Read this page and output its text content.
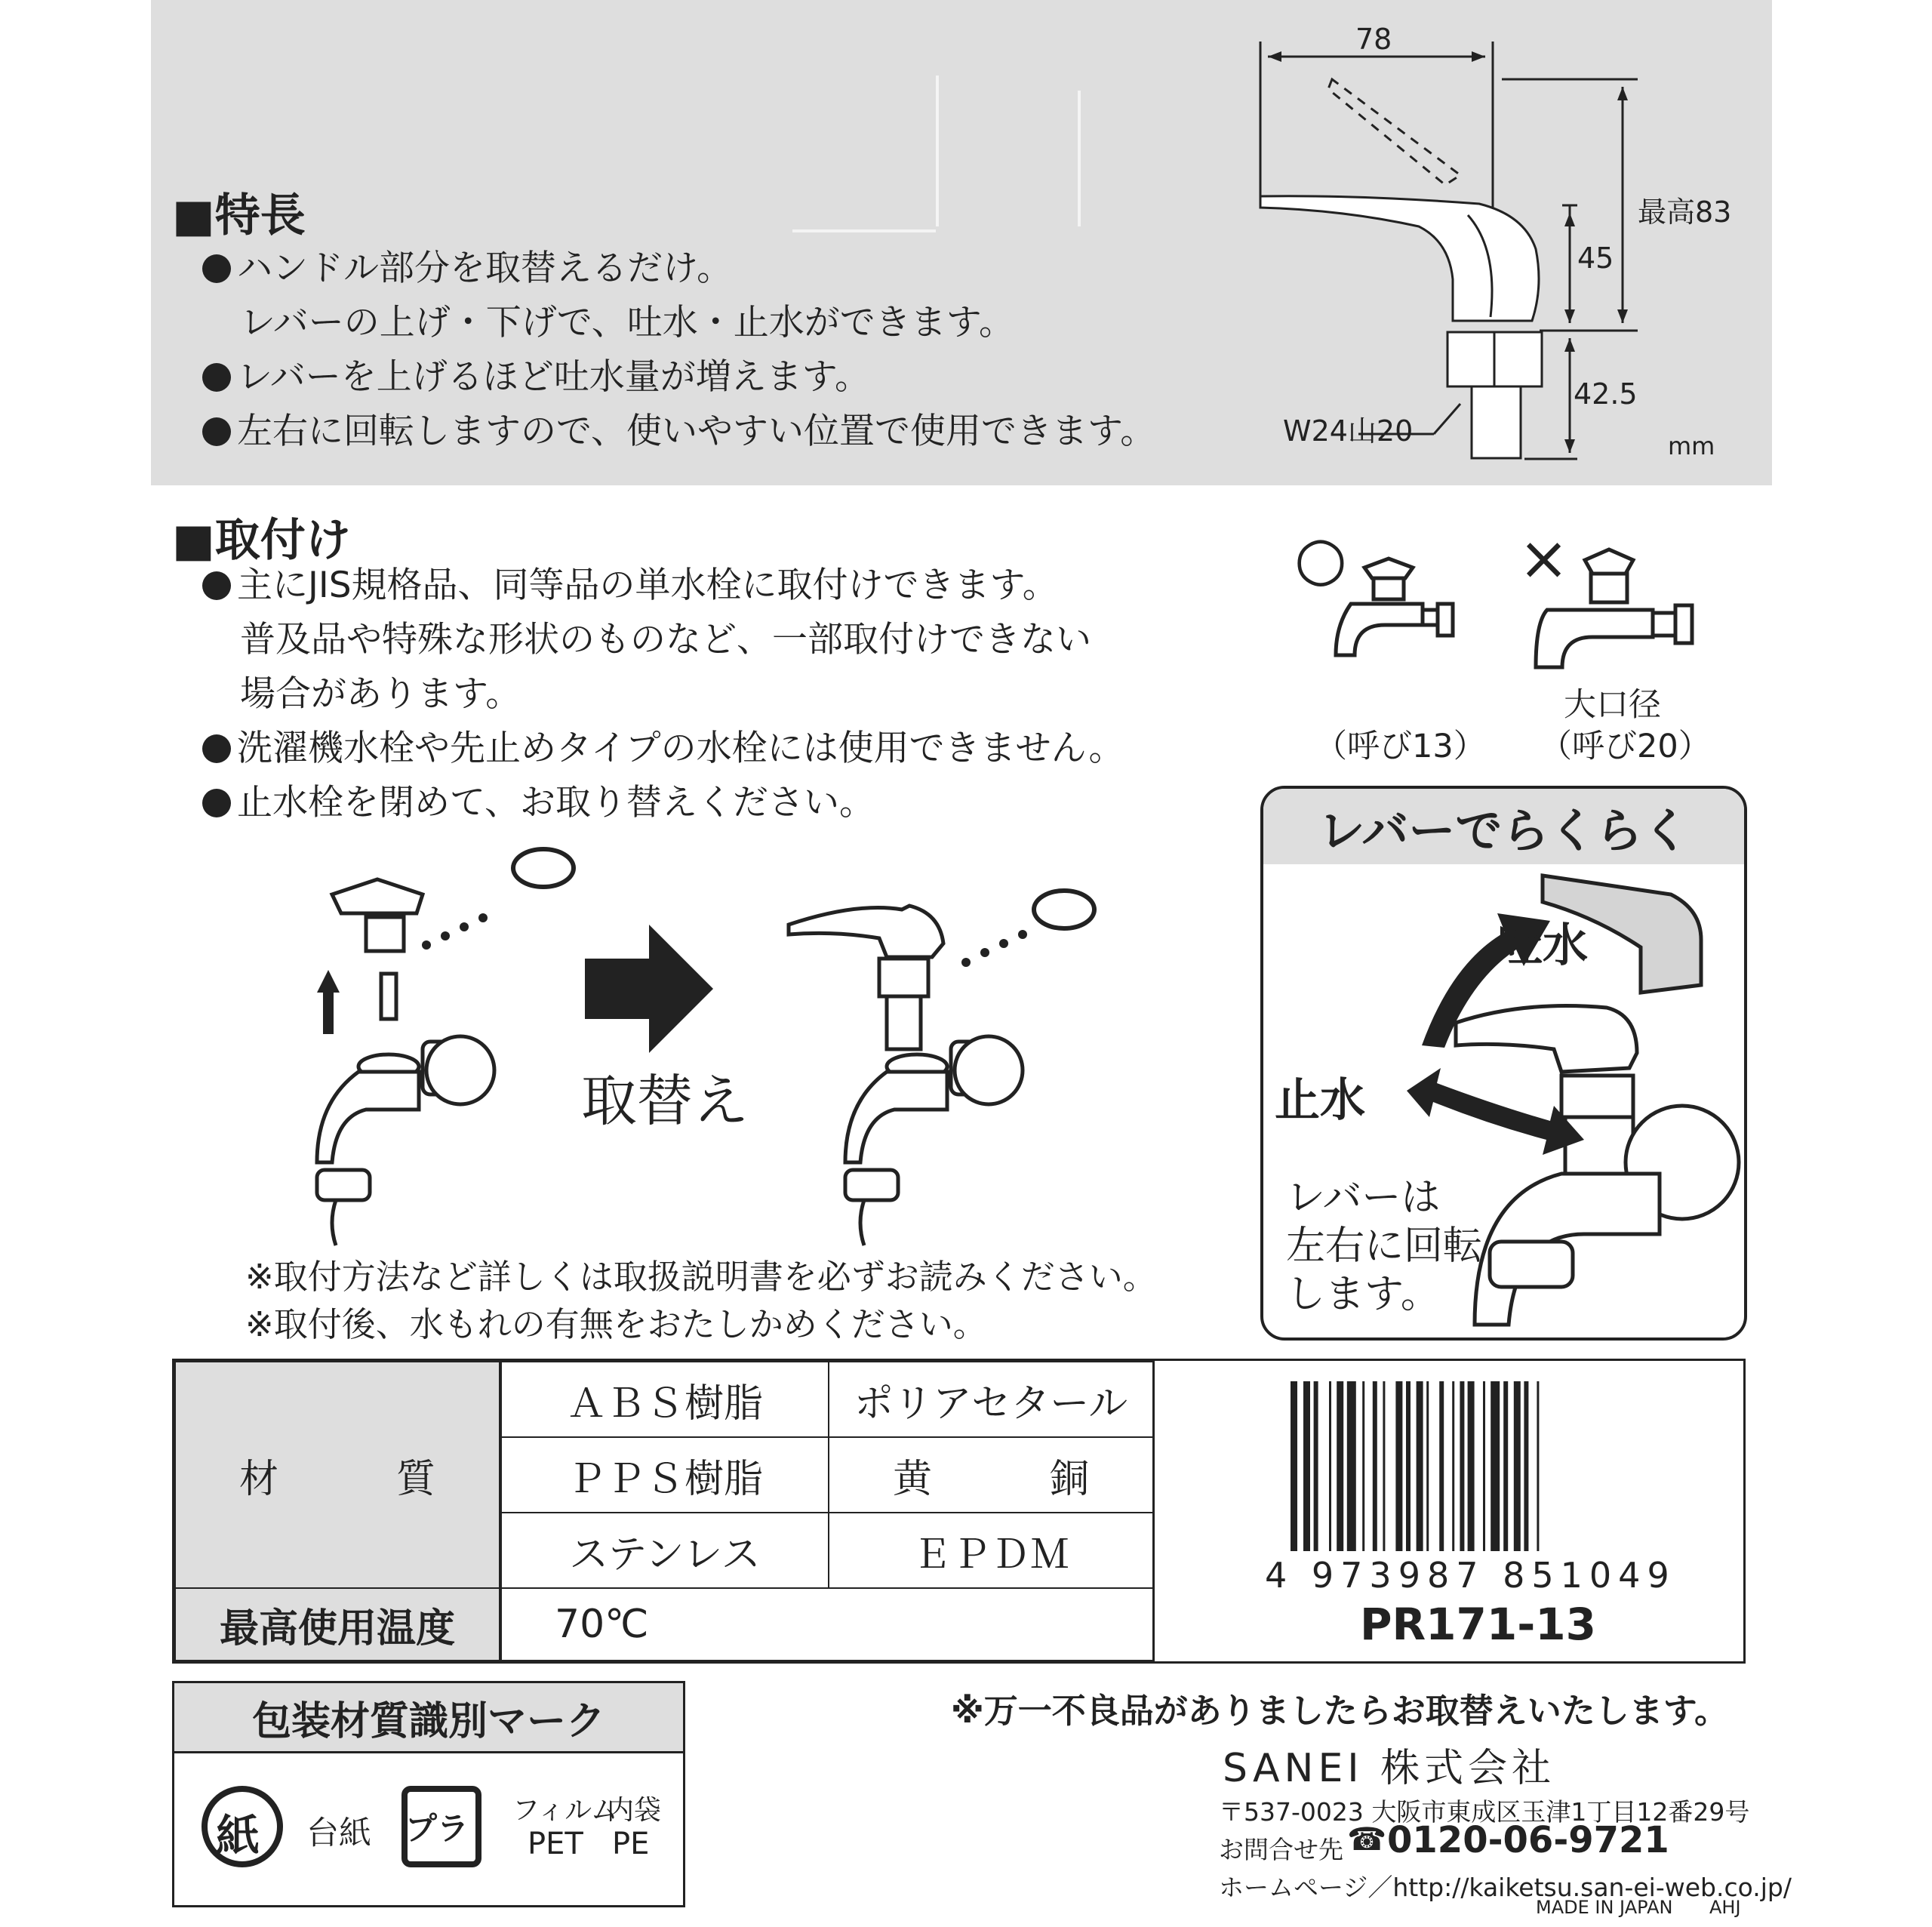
■特長
ハンドル部分を取替えるだけ。
レバーの上げ・下げで、吐水・止水ができます。
レバーを上げるほど吐水量が増えます。
左右に回転しますので、使いやすい位置で使用できます。
78
最高83
45
42.5
W24山20	mm
■取付け
主にJIS規格品、同等品の単水栓に取付けできます。
普及品や特殊な形状のものなど、一部取付けできない
場合があります。
洗濯機水栓や先止めタイプの水栓には使用できません。
止水栓を閉めて、お取り替えください。
○	×
（呼び13）
大口径
（呼び20）
取替え
※取付方法など詳しくは取扱説明書を必ずお読みください。
※取付後、水もれの有無をおたしかめください。
レバーでらくらく
吐水
止水
レバーは
左右に回転
します。
材　　　質
ＡＢＳ樹脂	ポリアセタール
ＰＰＳ樹脂	黄　　　銅
ステンレス	ＥＰＤＭ
最高使用温度	70℃
4 973987 851049
PR171-13
包装材質識別マーク
紙 台紙 プラ フィルム
PET
内袋
PE
※万一不良品がありましたらお取替えいたします。
SANEI 株式会社
〒537-0023 大阪市東成区玉津1丁目12番29号
お問合せ先 ☎ 0120-06-9721
ホームページ／http://kaiketsu.san-ei-web.co.jp/
MADE IN JAPAN AHJ
